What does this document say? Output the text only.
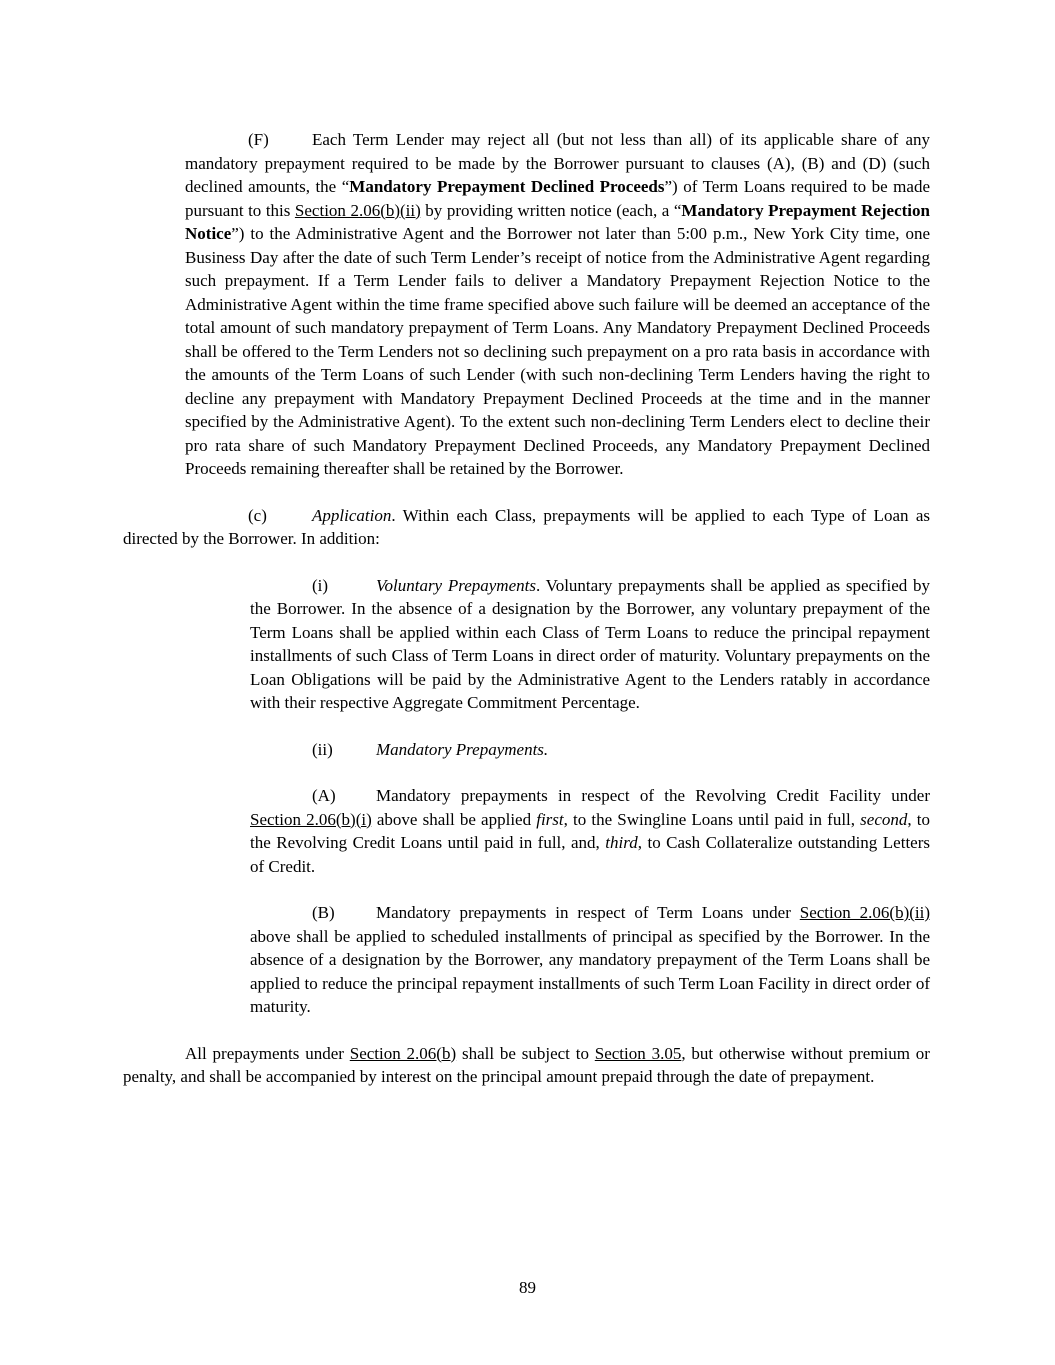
(F)	Each Term Lender may reject all (but not less than all) of its applicable share of any mandatory prepayment required to be made by the Borrower pursuant to clauses (A), (B) and (D) (such declined amounts, the “Mandatory Prepayment Declined Proceeds”) of Term Loans required to be made pursuant to this Section 2.06(b)(ii) by providing written notice (each, a “Mandatory Prepayment Rejection Notice”) to the Administrative Agent and the Borrower not later than 5:00 p.m., New York City time, one Business Day after the date of such Term Lender’s receipt of notice from the Administrative Agent regarding such prepayment. If a Term Lender fails to deliver a Mandatory Prepayment Rejection Notice to the Administrative Agent within the time frame specified above such failure will be deemed an acceptance of the total amount of such mandatory prepayment of Term Loans. Any Mandatory Prepayment Declined Proceeds shall be offered to the Term Lenders not so declining such prepayment on a pro rata basis in accordance with the amounts of the Term Loans of such Lender (with such non-declining Term Lenders having the right to decline any prepayment with Mandatory Prepayment Declined Proceeds at the time and in the manner specified by the Administrative Agent). To the extent such non-declining Term Lenders elect to decline their pro rata share of such Mandatory Prepayment Declined Proceeds, any Mandatory Prepayment Declined Proceeds remaining thereafter shall be retained by the Borrower.

(c)	Application. Within each Class, prepayments will be applied to each Type of Loan as directed by the Borrower. In addition:

(i)	Voluntary Prepayments. Voluntary prepayments shall be applied as specified by the Borrower. In the absence of a designation by the Borrower, any voluntary prepayment of the Term Loans shall be applied within each Class of Term Loans to reduce the principal repayment installments of such Class of Term Loans in direct order of maturity. Voluntary prepayments on the Loan Obligations will be paid by the Administrative Agent to the Lenders ratably in accordance with their respective Aggregate Commitment Percentage.

(ii)	Mandatory Prepayments.

(A) Mandatory prepayments in respect of the Revolving Credit Facility under Section 2.06(b)(i) above shall be applied first, to the Swingline Loans until paid in full, second, to the Revolving Credit Loans until paid in full, and, third, to Cash Collateralize outstanding Letters of Credit.

(B) Mandatory prepayments in respect of Term Loans under Section 2.06(b)(ii) above shall be applied to scheduled installments of principal as specified by the Borrower. In the absence of a designation by the Borrower, any mandatory prepayment of the Term Loans shall be applied to reduce the principal repayment installments of such Term Loan Facility in direct order of maturity.

All prepayments under Section 2.06(b) shall be subject to Section 3.05, but otherwise without premium or penalty, and shall be accompanied by interest on the principal amount prepaid through the date of prepayment.

89
